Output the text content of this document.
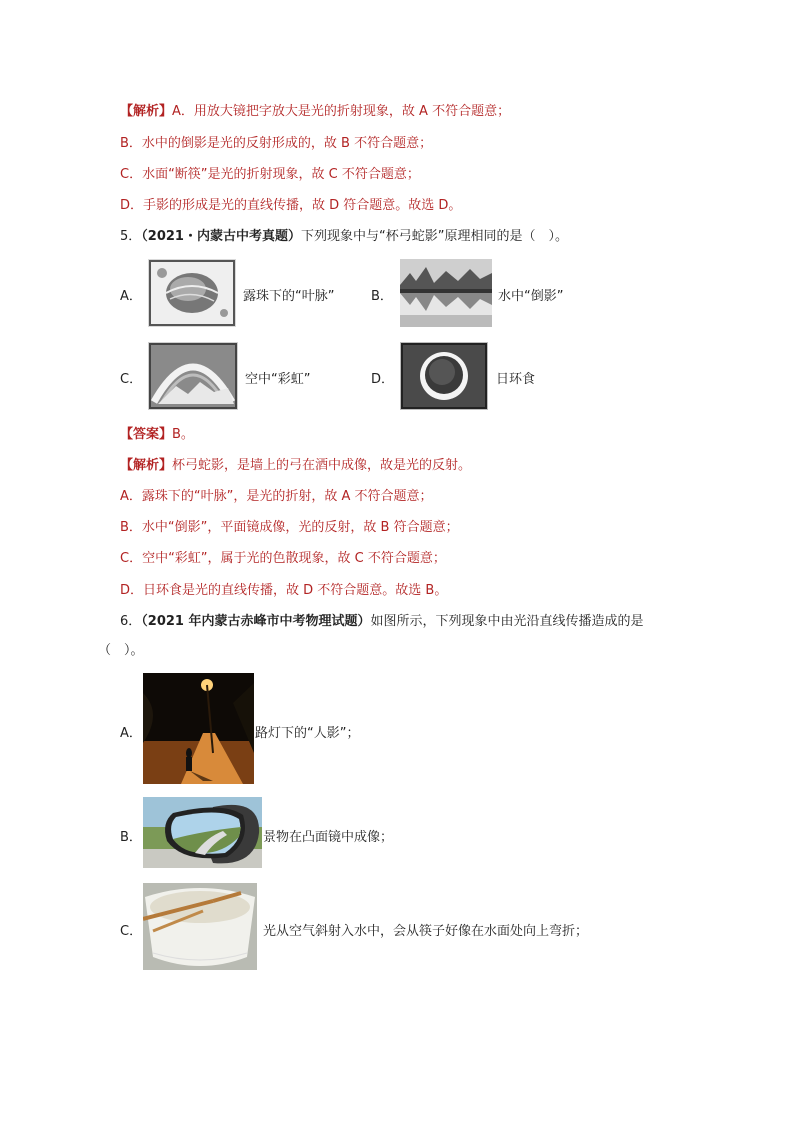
【解析】A．用放大镜把字放大是光的折射现象，故 A 不符合题意；
B．水中的倒影是光的反射形成的，故 B 不符合题意；
C．水面“断筷”是光的折射现象，故 C 不符合题意；
D．手影的形成是光的直线传播，故 D 符合题意。故选 D。
5．（2021・内蒙古中考真题）下列现象中与“杯弓蛇影”原理相同的是（　）。
A．	露珠下的“叶脉”	B．	水中“倒影”
C．	空中“彩虹”	D．	日环食
【答案】B。
【解析】杯弓蛇影，是墙上的弓在酒中成像，故是光的反射。
A．露珠下的“叶脉”，是光的折射，故 A 不符合题意；
B．水中“倒影”，平面镜成像，光的反射，故 B 符合题意；
C．空中“彩虹”，属于光的色散现象，故 C 不符合题意；
D．日环食是光的直线传播，故 D 不符合题意。故选 B。
6．（2021 年内蒙古赤峰市中考物理试题）如图所示，下列现象中由光沿直线传播造成的是
（　）。
A．	路灯下的“人影”；
B．	景物在凸面镜中成像；
C．	光从空气斜射入水中，会从筷子好像在水面处向上弯折；
